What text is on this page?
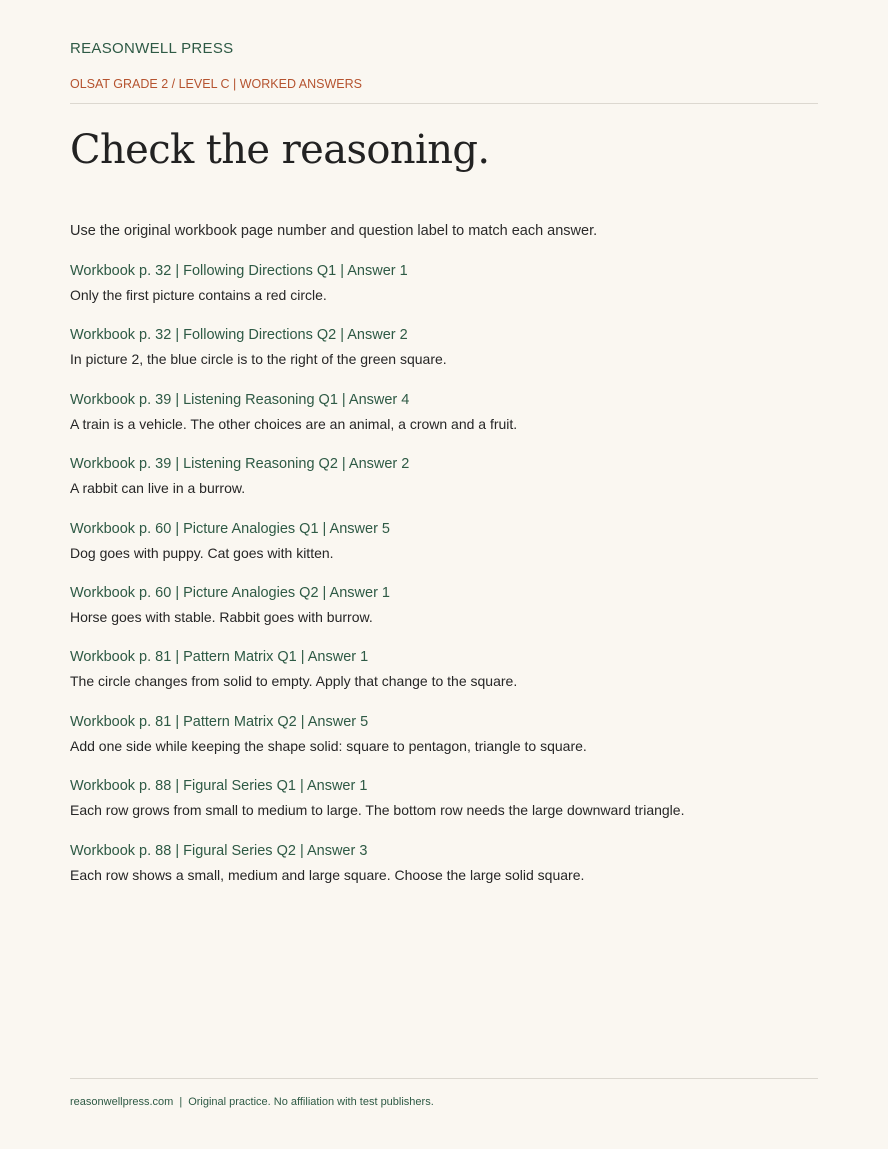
REASONWELL PRESS
OLSAT GRADE 2 / LEVEL C | WORKED ANSWERS
Check the reasoning.
Use the original workbook page number and question label to match each answer.
Workbook p. 32 | Following Directions Q1 | Answer 1
Only the first picture contains a red circle.
Workbook p. 32 | Following Directions Q2 | Answer 2
In picture 2, the blue circle is to the right of the green square.
Workbook p. 39 | Listening Reasoning Q1 | Answer 4
A train is a vehicle. The other choices are an animal, a crown and a fruit.
Workbook p. 39 | Listening Reasoning Q2 | Answer 2
A rabbit can live in a burrow.
Workbook p. 60 | Picture Analogies Q1 | Answer 5
Dog goes with puppy. Cat goes with kitten.
Workbook p. 60 | Picture Analogies Q2 | Answer 1
Horse goes with stable. Rabbit goes with burrow.
Workbook p. 81 | Pattern Matrix Q1 | Answer 1
The circle changes from solid to empty. Apply that change to the square.
Workbook p. 81 | Pattern Matrix Q2 | Answer 5
Add one side while keeping the shape solid: square to pentagon, triangle to square.
Workbook p. 88 | Figural Series Q1 | Answer 1
Each row grows from small to medium to large. The bottom row needs the large downward triangle.
Workbook p. 88 | Figural Series Q2 | Answer 3
Each row shows a small, medium and large square. Choose the large solid square.
reasonwellpress.com | Original practice. No affiliation with test publishers.
